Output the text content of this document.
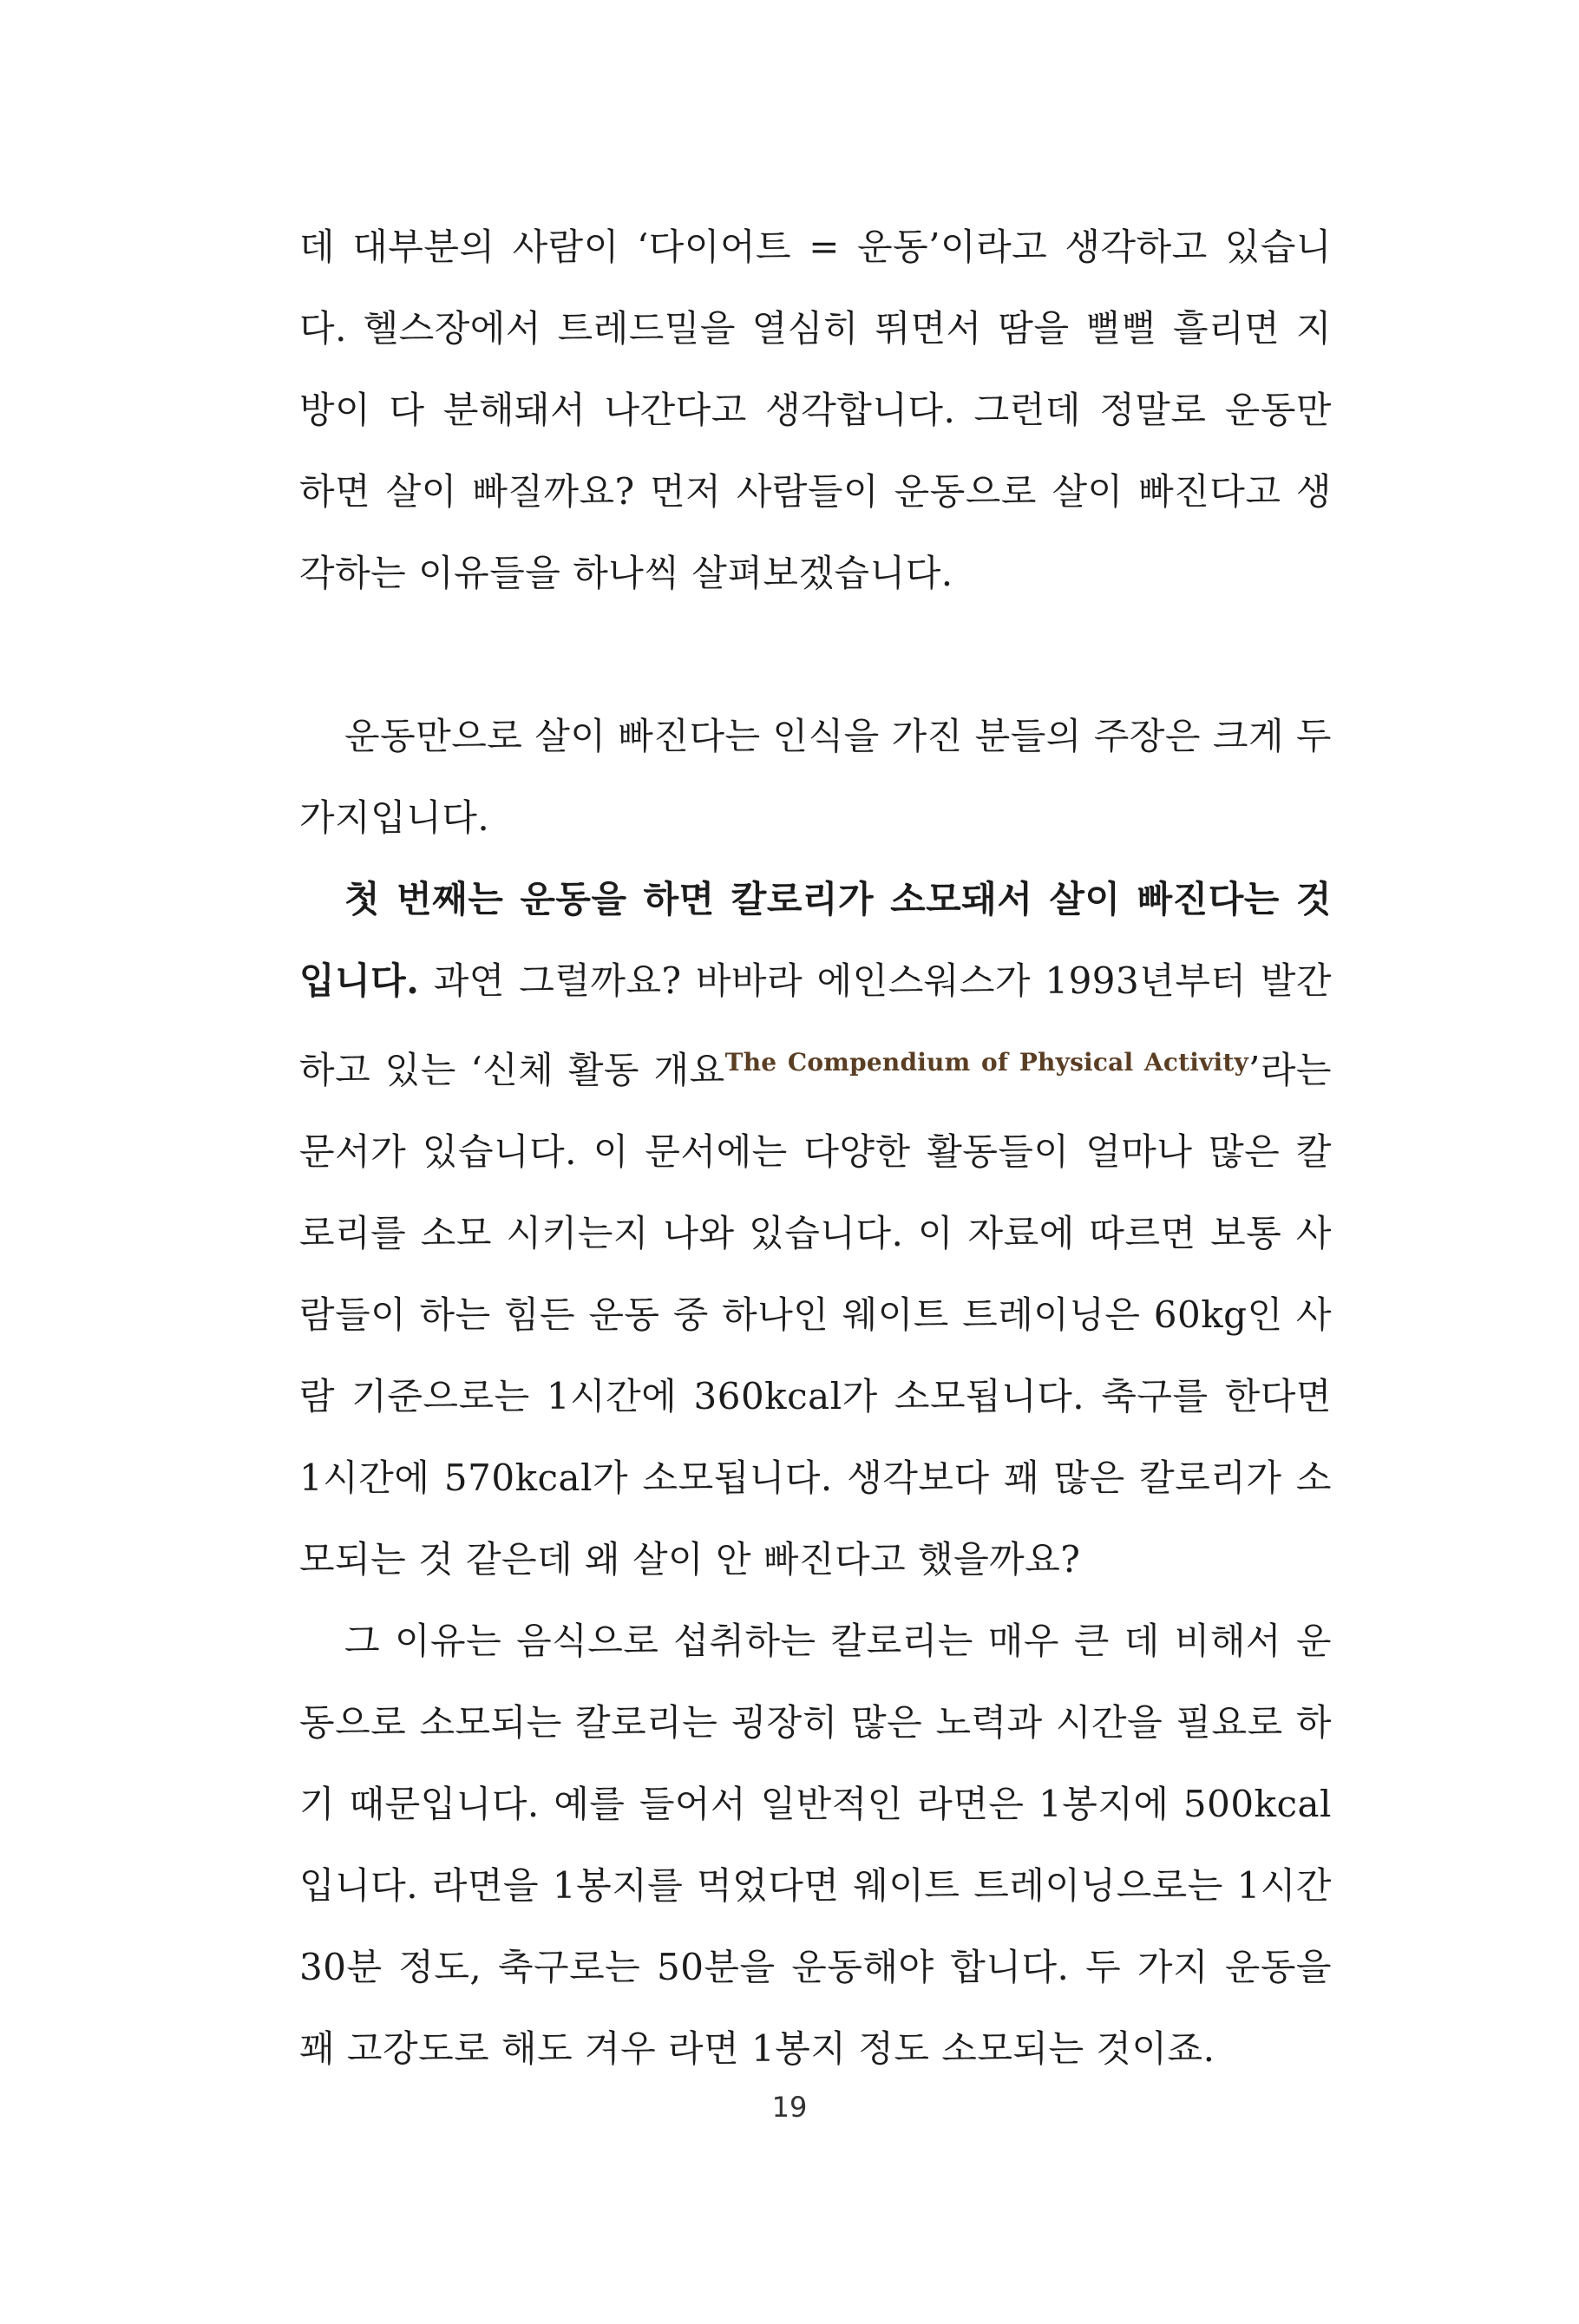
데 대부분의 사람이 ‘다이어트 = 운동’이라고 생각하고 있습니다. 헬스장에서 트레드밀을 열심히 뛰면서 땀을 뻘뻘 흘리면 지방이 다 분해돼서 나간다고 생각합니다. 그런데 정말로 운동만 하면 살이 빠질까요? 먼저 사람들이 운동으로 살이 빠진다고 생각하는 이유들을 하나씩 살펴보겠습니다.

운동만으로 살이 빠진다는 인식을 가진 분들의 주장은 크게 두 가지입니다.

첫 번째는 운동을 하면 칼로리가 소모돼서 살이 빠진다는 것입니다. 과연 그럴까요? 바바라 에인스워스가 1993년부터 발간하고 있는 ‘신체 활동 개요$^{The Compendium of Physical Activity}$’라는 문서가 있습니다. 이 문서에는 다양한 활동들이 얼마나 많은 칼로리를 소모 시키는지 나와 있습니다. 이 자료에 따르면 보통 사람들이 하는 힘든 운동 중 하나인 웨이트 트레이닝은 60kg인 사람 기준으로는 1시간에 360kcal가 소모됩니다. 축구를 한다면 1시간에 570kcal가 소모됩니다. 생각보다 꽤 많은 칼로리가 소모되는 것 같은데 왜 살이 안 빠진다고 했을까요?

그 이유는 음식으로 섭취하는 칼로리는 매우 큰 데 비해서 운동으로 소모되는 칼로리는 굉장히 많은 노력과 시간을 필요로 하기 때문입니다. 예를 들어서 일반적인 라면은 1봉지에 500kcal입니다. 라면을 1봉지를 먹었다면 웨이트 트레이닝으로는 1시간 30분 정도, 축구로는 50분을 운동해야 합니다. 두 가지 운동을 꽤 고강도로 해도 겨우 라면 1봉지 정도 소모되는 것이죠.

19
